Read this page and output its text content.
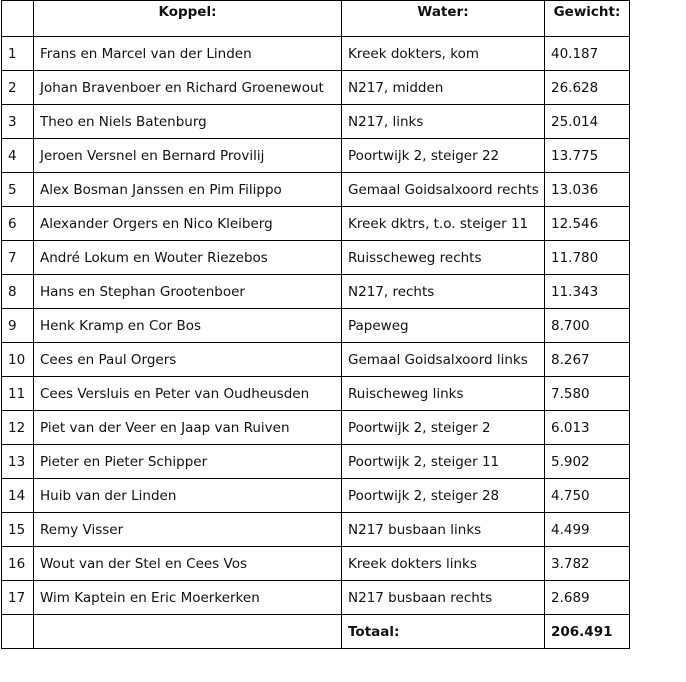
	Koppel:	Water:	Gewicht:
1	Frans en Marcel van der Linden	Kreek dokters, kom	40.187
2	Johan Bravenboer en Richard Groenewout	N217, midden	26.628
3	Theo en Niels Batenburg	N217, links	25.014
4	Jeroen Versnel en Bernard Provilij	Poortwijk 2, steiger 22	13.775
5	Alex Bosman Janssen en Pim Filippo	Gemaal Goidsalxoord rechts	13.036
6	Alexander Orgers en Nico Kleiberg	Kreek dktrs, t.o. steiger 11	12.546
7	André Lokum en Wouter Riezebos	Ruisscheweg rechts	11.780
8	Hans en Stephan Grootenboer	N217, rechts	11.343
9	Henk Kramp en Cor Bos	Papeweg	8.700
10	Cees en Paul Orgers	Gemaal Goidsalxoord links	8.267
11	Cees Versluis en Peter van Oudheusden	Ruischeweg links	7.580
12	Piet van der Veer en Jaap van Ruiven	Poortwijk 2, steiger 2	6.013
13	Pieter en Pieter Schipper	Poortwijk 2, steiger 11	5.902
14	Huib van der Linden	Poortwijk 2, steiger 28	4.750
15	Remy Visser	N217 busbaan links	4.499
16	Wout van der Stel en Cees Vos	Kreek dokters links	3.782
17	Wim Kaptein en Eric Moerkerken	N217 busbaan rechts	2.689
		Totaal:	206.491
